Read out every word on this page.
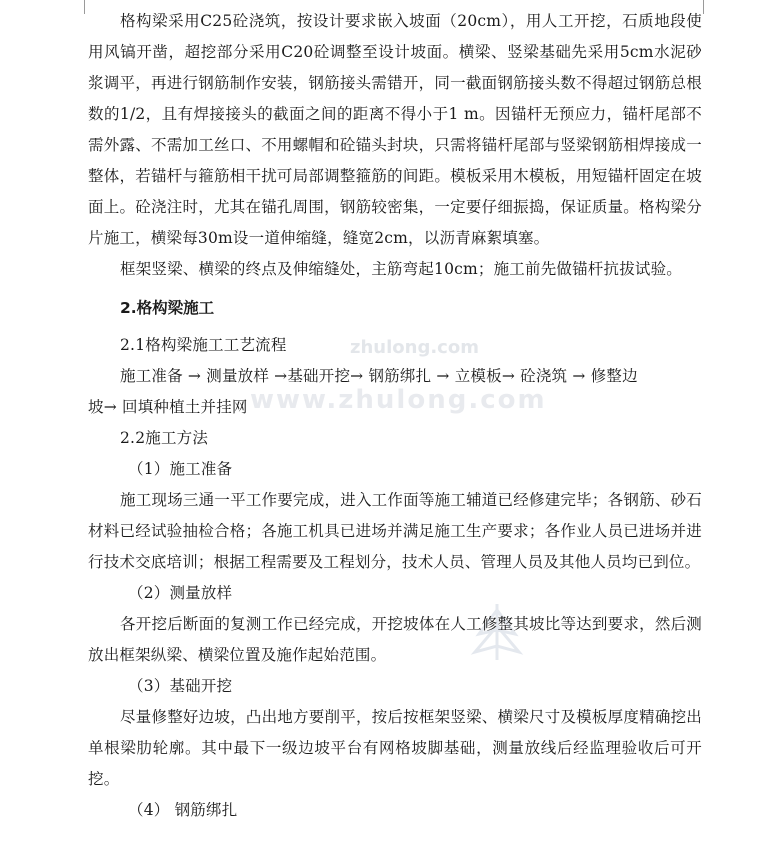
zhulong.com
www.zhulong.com

格构梁采用C25砼浇筑，按设计要求嵌入坡面（20cm），用人工开挖，石质地段使用风镐开凿，超挖部分采用C20砼调整至设计坡面。横梁、竖梁基础先采用5cm水泥砂浆调平，再进行钢筋制作安装，钢筋接头需错开，同一截面钢筋接头数不得超过钢筋总根数的1/2，且有焊接接头的截面之间的距离不得小于1 m。因锚杆无预应力，锚杆尾部不需外露、不需加工丝口、不用螺帽和砼锚头封块，只需将锚杆尾部与竖梁钢筋相焊接成一整体，若锚杆与箍筋相干扰可局部调整箍筋的间距。模板采用木模板，用短锚杆固定在坡面上。砼浇注时，尤其在锚孔周围，钢筋较密集，一定要仔细振捣，保证质量。格构梁分片施工，横梁每30m设一道伸缩缝，缝宽2cm，以沥青麻絮填塞。

框架竖梁、横梁的终点及伸缩缝处，主筋弯起10cm；施工前先做锚杆抗拔试验。

2.格构梁施工

2.1格构梁施工工艺流程

施工准备 → 测量放样 →基础开挖→ 钢筋绑扎 → 立模板→ 砼浇筑 → 修整边

坡→ 回填种植土并挂网

2.2施工方法

（1）施工准备

施工现场三通一平工作要完成，进入工作面等施工辅道已经修建完毕；各钢筋、砂石材料已经试验抽检合格；各施工机具已进场并满足施工生产要求；各作业人员已进场并进行技术交底培训；根据工程需要及工程划分，技术人员、管理人员及其他人员均已到位。

（2）测量放样

各开挖后断面的复测工作已经完成，开挖坡体在人工修整其坡比等达到要求，然后测放出框架纵梁、横梁位置及施作起始范围。

（3）基础开挖

尽量修整好边坡，凸出地方要削平，按后按框架竖梁、横梁尺寸及模板厚度精确挖出单根梁肋轮廓。其中最下一级边坡平台有网格坡脚基础，测量放线后经监理验收后可开挖。

（4） 钢筋绑扎
